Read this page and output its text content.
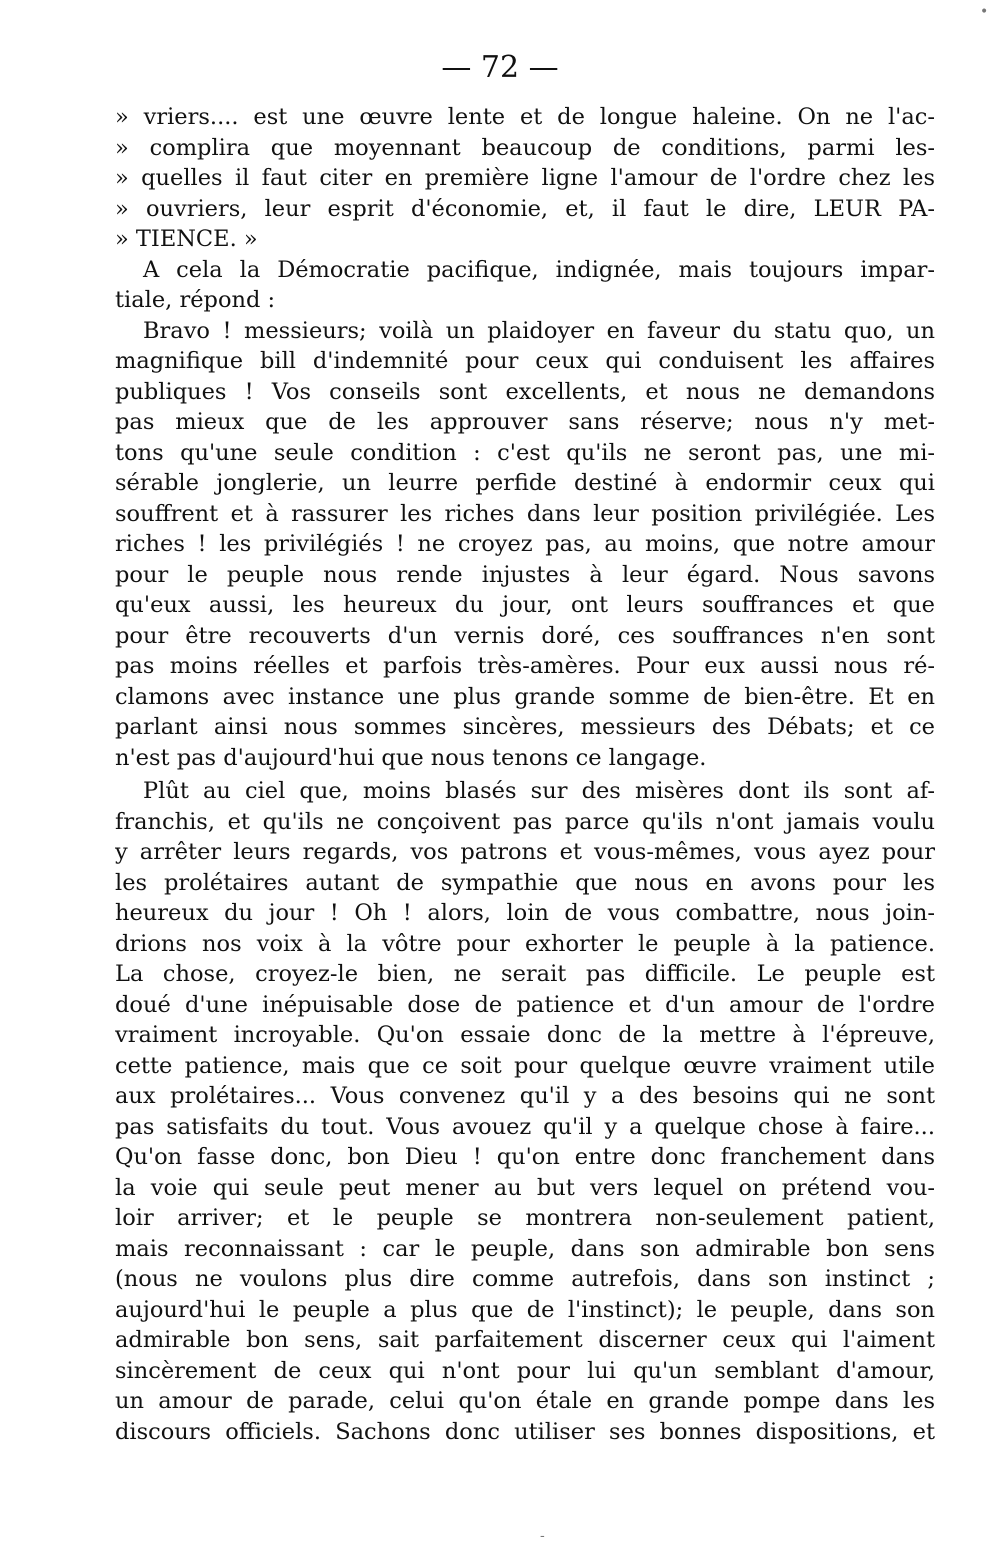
•
— 72 —
» vriers.... est une œuvre lente et de longue haleine. On ne l'ac-
» complira que moyennant beaucoup de conditions, parmi les-
» quelles il faut citer en première ligne l'amour de l'ordre chez les
» ouvriers, leur esprit d'économie, et, il faut le dire, LEUR PA-
» TIENCE. »
A cela la Démocratie pacifique, indignée, mais toujours impar-
tiale, répond :
Bravo ! messieurs; voilà un plaidoyer en faveur du statu quo, un
magnifique bill d'indemnité pour ceux qui conduisent les affaires
publiques ! Vos conseils sont excellents, et nous ne demandons
pas mieux que de les approuver sans réserve; nous n'y met-
tons qu'une seule condition : c'est qu'ils ne seront pas, une mi-
sérable jonglerie, un leurre perfide destiné à endormir ceux qui
souffrent et à rassurer les riches dans leur position privilégiée. Les
riches ! les privilégiés ! ne croyez pas, au moins, que notre amour
pour le peuple nous rende injustes à leur égard. Nous savons
qu'eux aussi, les heureux du jour, ont leurs souffrances et que
pour être recouverts d'un vernis doré, ces souffrances n'en sont
pas moins réelles et parfois très-amères. Pour eux aussi nous ré-
clamons avec instance une plus grande somme de bien-être. Et en
parlant ainsi nous sommes sincères, messieurs des Débats; et ce
n'est pas d'aujourd'hui que nous tenons ce langage.
Plût au ciel que, moins blasés sur des misères dont ils sont af-
franchis, et qu'ils ne conçoivent pas parce qu'ils n'ont jamais voulu
y arrêter leurs regards, vos patrons et vous-mêmes, vous ayez pour
les prolétaires autant de sympathie que nous en avons pour les
heureux du jour ! Oh ! alors, loin de vous combattre, nous join-
drions nos voix à la vôtre pour exhorter le peuple à la patience.
La chose, croyez-le bien, ne serait pas difficile. Le peuple est
doué d'une inépuisable dose de patience et d'un amour de l'ordre
vraiment incroyable. Qu'on essaie donc de la mettre à l'épreuve,
cette patience, mais que ce soit pour quelque œuvre vraiment utile
aux prolétaires... Vous convenez qu'il y a des besoins qui ne sont
pas satisfaits du tout. Vous avouez qu'il y a quelque chose à faire...
Qu'on fasse donc, bon Dieu ! qu'on entre donc franchement dans
la voie qui seule peut mener au but vers lequel on prétend vou-
loir arriver; et le peuple se montrera non-seulement patient,
mais reconnaissant : car le peuple, dans son admirable bon sens
(nous ne voulons plus dire comme autrefois, dans son instinct ;
aujourd'hui le peuple a plus que de l'instinct); le peuple, dans son
admirable bon sens, sait parfaitement discerner ceux qui l'aiment
sincèrement de ceux qui n'ont pour lui qu'un semblant d'amour,
un amour de parade, celui qu'on étale en grande pompe dans les
discours officiels. Sachons donc utiliser ses bonnes dispositions, et
-
